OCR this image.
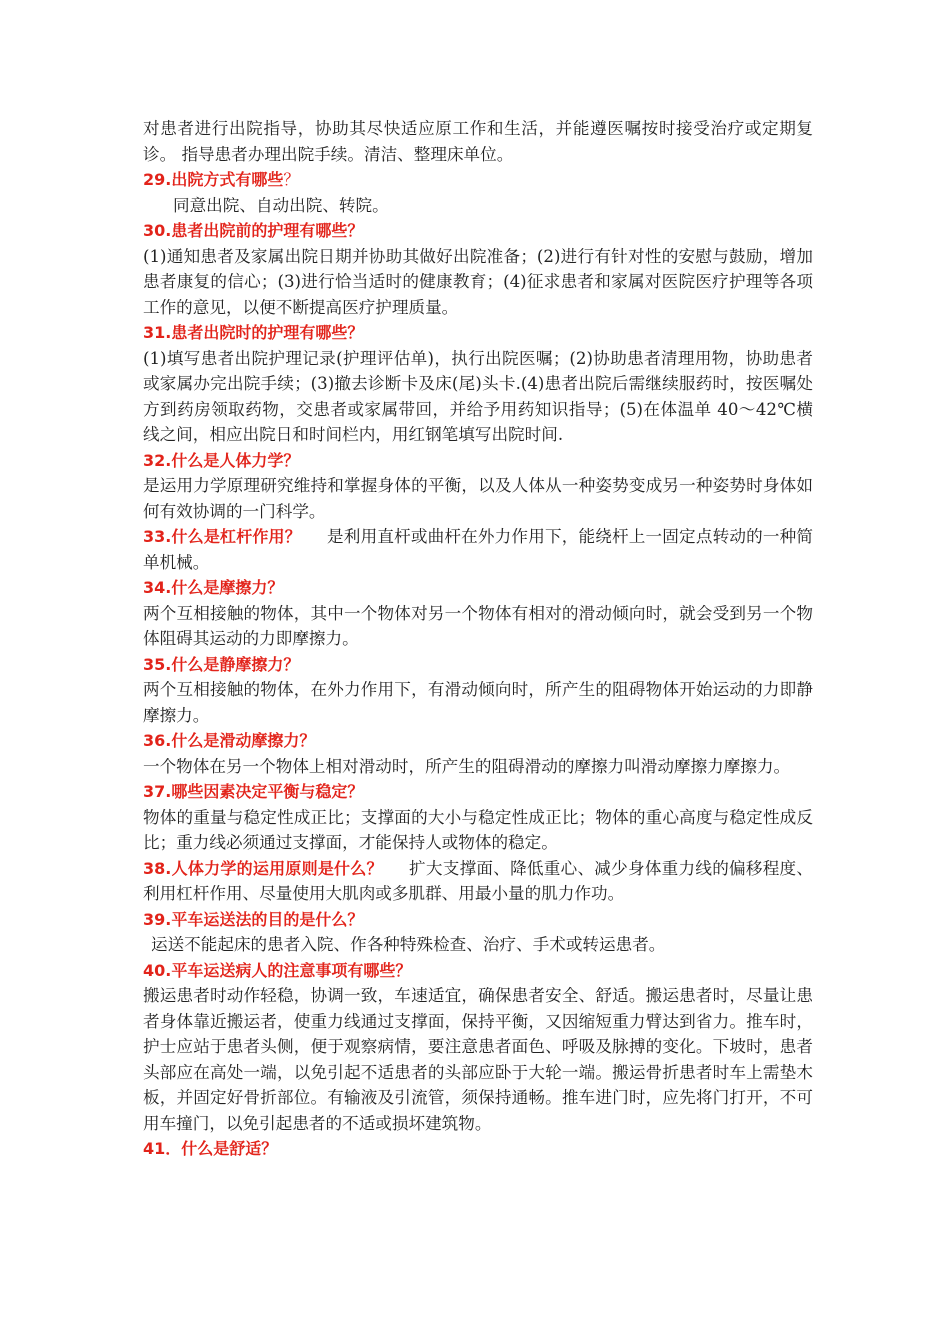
对患者进行出院指导，协助其尽快适应原工作和生活，并能遵医嘱按时接受治疗或定期复诊。 指导患者办理出院手续。清洁、整理床单位。

29.出院方式有哪些？

同意出院、自动出院、转院。

30.患者出院前的护理有哪些？

(1)通知患者及家属出院日期并协助其做好出院准备；(2)进行有针对性的安慰与鼓励，增加患者康复的信心；(3)进行恰当适时的健康教育；(4)征求患者和家属对医院医疗护理等各项工作的意见，以便不断提高医疗护理质量。

31.患者出院时的护理有哪些？

(1)填写患者出院护理记录(护理评估单)，执行出院医嘱；(2)协助患者清理用物，协助患者或家属办完出院手续；(3)撤去诊断卡及床(尾)头卡.(4)患者出院后需继续服药时，按医嘱处方到药房领取药物，交患者或家属带回，并给予用药知识指导；(5)在体温单 40～42℃横线之间，相应出院日和时间栏内，用红钢笔填写出院时间.

32.什么是人体力学？

是运用力学原理研究维持和掌握身体的平衡，以及人体从一种姿势变成另一种姿势时身体如何有效协调的一门科学。

33.什么是杠杆作用？ 是利用直杆或曲杆在外力作用下，能绕杆上一固定点转动的一种简单机械。

34.什么是摩擦力？

两个互相接触的物体，其中一个物体对另一个物体有相对的滑动倾向时，就会受到另一个物体阻碍其运动的力即摩擦力。

35.什么是静摩擦力？

两个互相接触的物体，在外力作用下，有滑动倾向时，所产生的阻碍物体开始运动的力即静摩擦力。

36.什么是滑动摩擦力？

一个物体在另一个物体上相对滑动时，所产生的阻碍滑动的摩擦力叫滑动摩擦力摩擦力。

37.哪些因素决定平衡与稳定？

物体的重量与稳定性成正比；支撑面的大小与稳定性成正比；物体的重心高度与稳定性成反比；重力线必须通过支撑面，才能保持人或物体的稳定。

38.人体力学的运用原则是什么？ 扩大支撑面、降低重心、减少身体重力线的偏移程度、利用杠杆作用、尽量使用大肌肉或多肌群、用最小量的肌力作功。

39.平车运送法的目的是什么？

运送不能起床的患者入院、作各种特殊检查、治疗、手术或转运患者。

40.平车运送病人的注意事项有哪些？

搬运患者时动作轻稳，协调一致，车速适宜，确保患者安全、舒适。搬运患者时，尽量让患者身体靠近搬运者，使重力线通过支撑面，保持平衡，又因缩短重力臂达到省力。推车时，护士应站于患者头侧，便于观察病情，要注意患者面色、呼吸及脉搏的变化。下坡时，患者头部应在高处一端，以免引起不适患者的头部应卧于大轮一端。搬运骨折患者时车上需垫木板，并固定好骨折部位。有输液及引流管，须保持通畅。推车进门时，应先将门打开，不可用车撞门，以免引起患者的不适或损坏建筑物。

41．什么是舒适？
